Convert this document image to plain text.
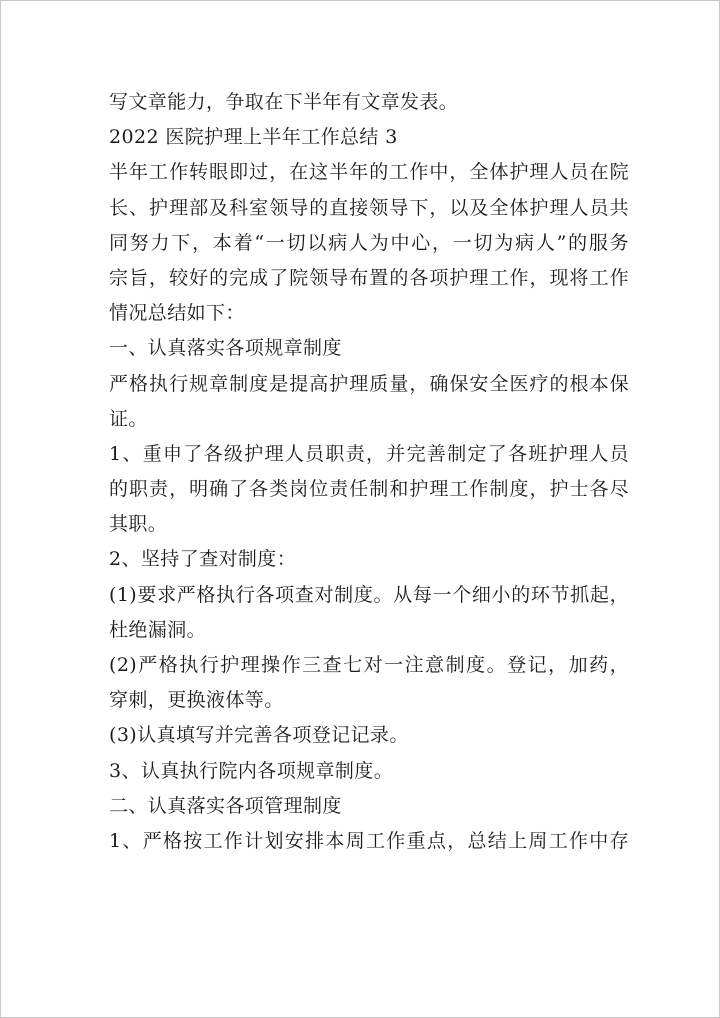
写文章能力，争取在下半年有文章发表。
2022 医院护理上半年工作总结 3
半年工作转眼即过，在这半年的工作中，全体护理人员在院
长、护理部及科室领导的直接领导下，以及全体护理人员共
同努力下，本着“一切以病人为中心，一切为病人”的服务
宗旨，较好的完成了院领导布置的各项护理工作，现将工作
情况总结如下：
一、认真落实各项规章制度
严格执行规章制度是提高护理质量，确保安全医疗的根本保
证。
1、重申了各级护理人员职责，并完善制定了各班护理人员
的职责，明确了各类岗位责任制和护理工作制度，护士各尽
其职。
2、坚持了查对制度：
(1)要求严格执行各项查对制度。从每一个细小的环节抓起，
杜绝漏洞。
(2)严格执行护理操作三查七对一注意制度。登记，加药，
穿刺，更换液体等。
(3)认真填写并完善各项登记记录。
3、认真执行院内各项规章制度。
二、认真落实各项管理制度
1、严格按工作计划安排本周工作重点，总结上周工作中存
